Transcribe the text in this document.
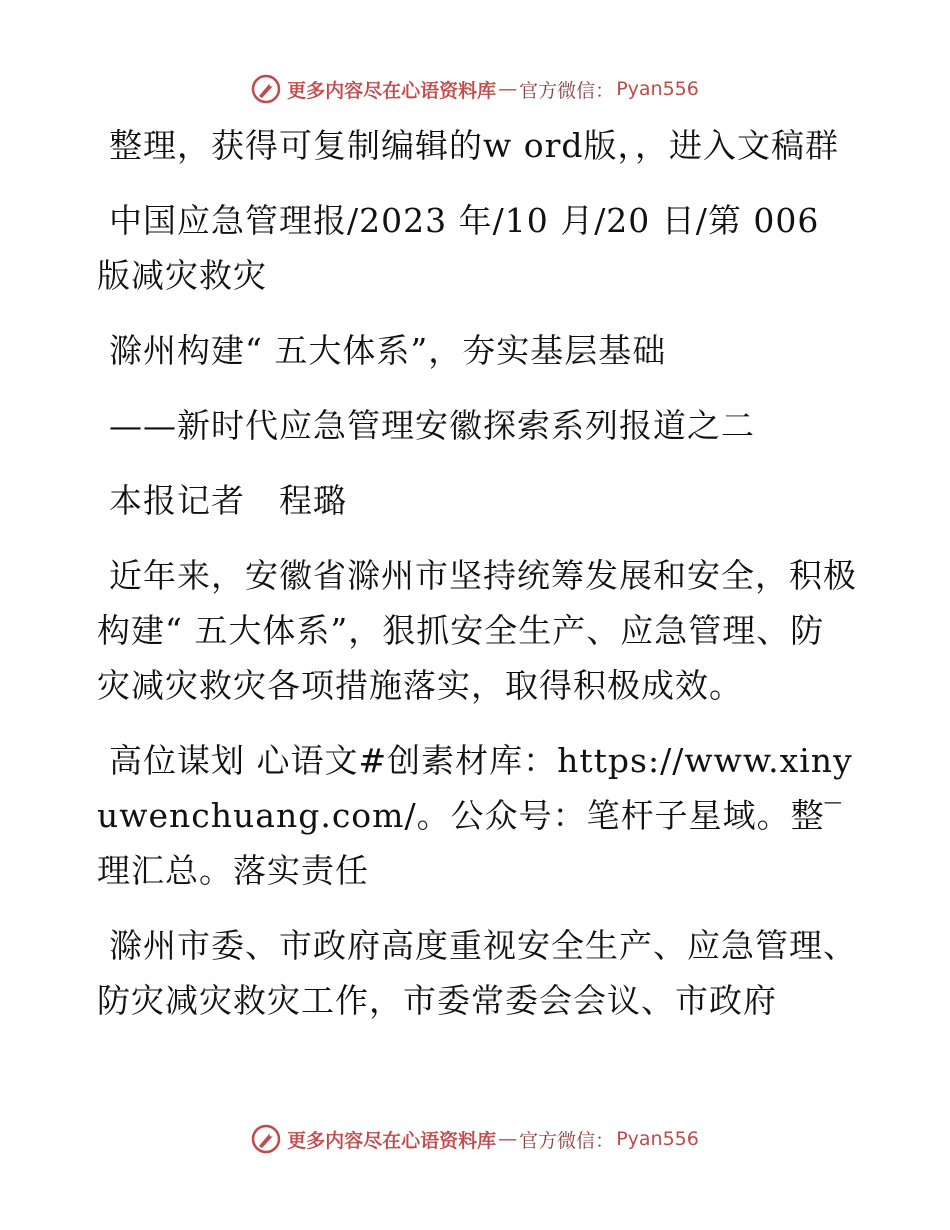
更多内容尽在心语资料库 — 官方微信： Pyan556

整理，获得可复制编辑的w ord版，，进入文稿群

中国应急管理报/2023 年/10 月/20 日/第 006 版减灾救灾

滁州构建“ 五大体系”，夯实基层基础

——新时代应急管理安徽探索系列报道之二

本报记者　程璐

近年来，安徽省滁州市坚持统筹发展和安全，积极构建“ 五大体系”，狠抓安全生产、应急管理、防灾减灾救灾各项措施落实，取得积极成效。

高位谋划 心语文#创素材库：https://www.xinyuwenchuang.com/。公众号：笔杆子星域。整‾理汇总。落实责任

滁州市委、市政府高度重视安全生产、应急管理、防灾减灾救灾工作，市委常委会会议、市政府

更多内容尽在心语资料库 — 官方微信： Pyan556
